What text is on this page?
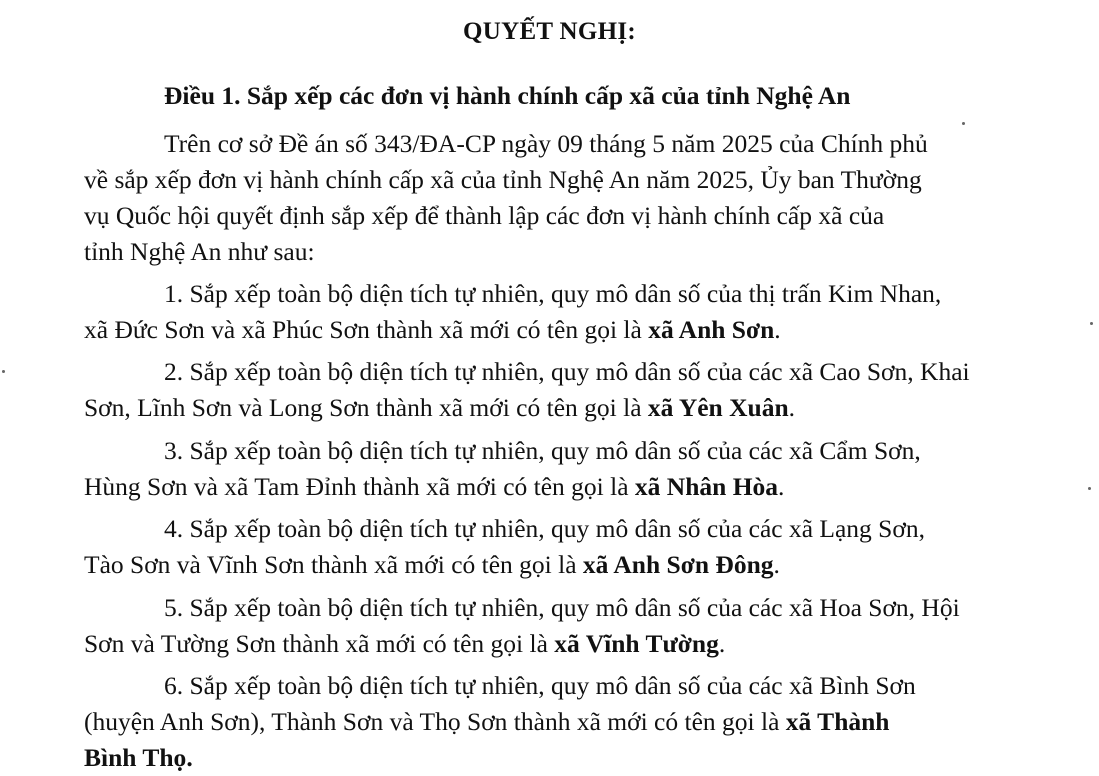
QUYẾT NGHỊ:
Điều 1. Sắp xếp các đơn vị hành chính cấp xã của tỉnh Nghệ An
Trên cơ sở Đề án số 343/ĐA-CP ngày 09 tháng 5 năm 2025 của Chính phủ
về sắp xếp đơn vị hành chính cấp xã của tỉnh Nghệ An năm 2025, Ủy ban Thường
vụ Quốc hội quyết định sắp xếp để thành lập các đơn vị hành chính cấp xã của
tỉnh Nghệ An như sau:
1. Sắp xếp toàn bộ diện tích tự nhiên, quy mô dân số của thị trấn Kim Nhan,
xã Đức Sơn và xã Phúc Sơn thành xã mới có tên gọi là xã Anh Sơn.
2. Sắp xếp toàn bộ diện tích tự nhiên, quy mô dân số của các xã Cao Sơn, Khai
Sơn, Lĩnh Sơn và Long Sơn thành xã mới có tên gọi là xã Yên Xuân.
3. Sắp xếp toàn bộ diện tích tự nhiên, quy mô dân số của các xã Cẩm Sơn,
Hùng Sơn và xã Tam Đỉnh thành xã mới có tên gọi là xã Nhân Hòa.
4. Sắp xếp toàn bộ diện tích tự nhiên, quy mô dân số của các xã Lạng Sơn,
Tào Sơn và Vĩnh Sơn thành xã mới có tên gọi là xã Anh Sơn Đông.
5. Sắp xếp toàn bộ diện tích tự nhiên, quy mô dân số của các xã Hoa Sơn, Hội
Sơn và Tường Sơn thành xã mới có tên gọi là xã Vĩnh Tường.
6. Sắp xếp toàn bộ diện tích tự nhiên, quy mô dân số của các xã Bình Sơn
(huyện Anh Sơn), Thành Sơn và Thọ Sơn thành xã mới có tên gọi là xã Thành
Bình Thọ.
